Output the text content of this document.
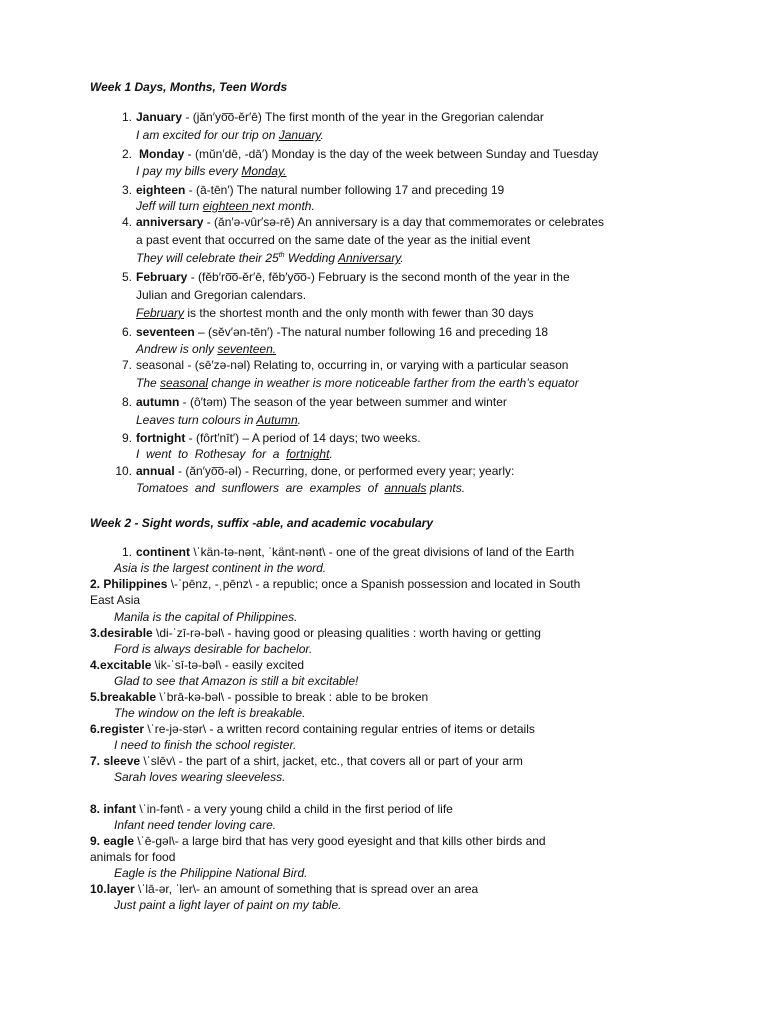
Week 1 Days, Months, Teen Words
1. January - (jăn′yo͞o-ĕr′ē) The first month of the year in the Gregorian calendar
I am excited for our trip on January.
2. Monday - (mŭn′dē, -dā′) Monday is the day of the week between Sunday and Tuesday
I pay my bills every Monday.
3. eighteen - (ā-tēn′) The natural number following 17 and preceding 19
Jeff will turn eighteen next month.
4. anniversary - (ăn′ə-vûr′sə-rē) An anniversary is a day that commemorates or celebrates
a past event that occurred on the same date of the year as the initial event
They will celebrate their 25th Wedding Anniversary.
5. February - (fĕb′ro͞o-ĕr′ē, fĕb′yo͞o-) February is the second month of the year in the
Julian and Gregorian calendars.
February is the shortest month and the only month with fewer than 30 days
6. seventeen – (sĕv′ən-tēn′) -The natural number following 16 and preceding 18
Andrew is only seventeen.
7. seasonal - (sē′zə-nəl) Relating to, occurring in, or varying with a particular season
The seasonal change in weather is more noticeable farther from the earth’s equator
8. autumn - (ô′təm) The season of the year between summer and winter
Leaves turn colours in Autumn.
9. fortnight - (fôrt′nīt′) – A period of 14 days; two weeks.
I  went  to  Rothesay  for  a  fortnight.
10. annual - (ăn′yo͞o-əl) - Recurring, done, or performed every year; yearly:
Tomatoes  and  sunflowers  are  examples  of  annuals plants.
Week 2 - Sight words, suffix -able, and academic vocabulary
1. continent \ˈkän-tə-nənt, ˈkänt-nənt\ - one of the great divisions of land of the Earth
Asia is the largest continent in the word.
2. Philippines \-ˈpēnz, -ˌpēnz\ - a republic; once a Spanish possession and located in South
East Asia
Manila is the capital of Philippines.
3.desirable \di-ˈzī-rə-bəl\ - having good or pleasing qualities : worth having or getting
Ford is always desirable for bachelor.
4.excitable \ik-ˈsī-tə-bəl\ - easily excited
Glad to see that Amazon is still a bit excitable!
5.breakable \ˈbrā-kə-bəl\ - possible to break : able to be broken
The window on the left is breakable.
6.register \ˈre-jə-stər\ - a written record containing regular entries of items or details
I need to finish the school register.
7. sleeve \ˈslēv\ - the part of a shirt, jacket, etc., that covers all or part of your arm
Sarah loves wearing sleeveless.
8. infant \ˈin-fənt\ - a very young child a child in the first period of life
Infant need tender loving care.
9. eagle \ˈē-gəl\- a large bird that has very good eyesight and that kills other birds and
animals for food
Eagle is the Philippine National Bird.
10.layer \ˈlā-ər, ˈler\- an amount of something that is spread over an area
Just paint a light layer of paint on my table.
